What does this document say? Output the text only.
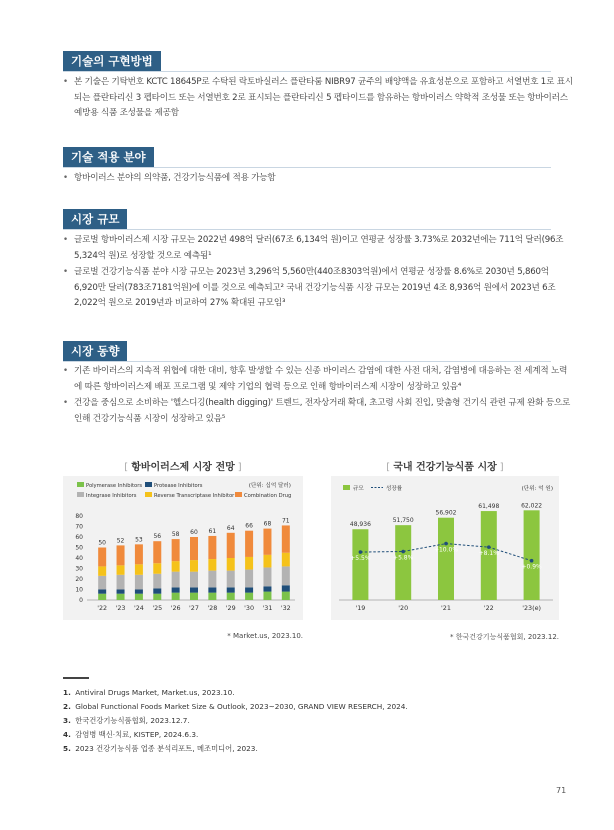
기술의 구현방법
• 본 기술은 기탁번호 KCTC 18645P로 수탁된 락토바실러스 플란타룸 NIBR97 균주의 배양액을 유효성분으로 포함하고 서열번호 1로 표시되는 플란타리신 3 펩타이드 또는 서열번호 2로 표시되는 플란타리신 5 펩타이드를 함유하는 항바이러스 약학적 조성물 또는 항바이러스 예방용 식품 조성물을 제공함
기술 적용 분야
• 항바이러스 분야의 의약품, 건강기능식품에 적용 가능함
시장 규모
• 글로벌 항바이러스제 시장 규모는 2022년 498억 달러(67조 6,134억 원)이고 연평균 성장률 3.73%로 2032년에는 711억 달러(96조 5,324억 원)로 성장할 것으로 예측됨¹
• 글로벌 건강기능식품 분야 시장 규모는 2023년 3,296억 5,560만(440조8303억원)에서 연평균 성장률 8.6%로 2030년 5,860억 6,920만 달러(783조7181억원)에 이를 것으로 예측되고² 국내 건강기능식품 시장 규모는 2019년 4조 8,936억 원에서 2023년 6조 2,022억 원으로 2019년과 비교하여 27% 확대된 규모임³
시장 동향
• 기존 바이러스의 지속적 위협에 대한 대비, 향후 발생할 수 있는 신종 바이러스 감염에 대한 사전 대처, 감염병에 대응하는 전 세계적 노력에 따른 항바이러스제 배포 프로그램 및 제약 기업의 협력 등으로 인해 항바이러스제 시장이 성장하고 있음⁴
• 건강을 중심으로 소비하는 '헬스디깅(health digging)' 트렌드, 전자상거래 확대, 초고령 사회 진입, 맞춤형 건기식 관련 규제 완화 등으로 인해 건강기능식품 시장이 성장하고 있음⁵
[ 항바이러스제 시장 전망 ]
Polymerase Inhibitors Protease Inhibitors
Integrase Inhibitors	Reverse Transcriptase Inhibitor Combination Drug
(단위: 십억 달러)
0
10
20
30
40
50
60
70
80
50
'22
52
'23
53
'24
56
'25
58
'26
60
'27
61
'28
64
'29
66
'30
68
'31
71
'32
* Market.us, 2023.10.
[ 국내 건강기능식품 시장 ]
규모	성장률	(단위: 억 원)
48,936
'19
51,750
'20
56,902
'21
61,498
'22
62,022
'23(e)
+5.5%	+5.8%
+10.0%
+8.1%
+0.9%
* 한국건강기능식품협회, 2023.12.
1. Antiviral Drugs Market, Market.us, 2023.10.
2. Global Functional Foods Market Size & Outlook, 2023~2030, GRAND VIEW RESERCH, 2024.
3. 한국건강기능식품협회, 2023.12.7.
4. 감염병 백신·치료, KISTEP, 2024.6.3.
5. 2023 건강기능식품 업종 분석리포트, 메조미디어, 2023.
71
